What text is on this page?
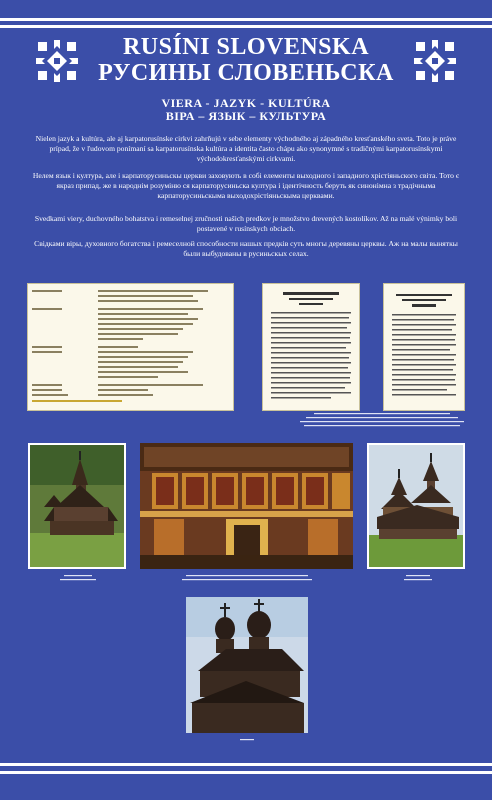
RUSÍNI SLOVENSKA
РУСИНЫ СЛОВЕНЬСКА
VIERA - JAZYK - KULTÚRA
ВІРА – ЯЗЫК – КУЛЬТУРА
Nielen jazyk a kultúra, ale aj karpatorusínske cirkvi zahrňujú v sebe elementy východného aj západného kresťanského sveta. Toto je práve prípad, že v ľudovom ponímaní sa karpatorusínska kultúra a identita často chápu ako synonymné s tradičnými karpatorusínskymi východokresťanskými cirkvami.
Нелем язык і култура, але і карпаторусиньскы церкви заховують в собі елементы выходного і западного хрістіяньского світа. Тото є якраз припад, же в народнім розуміню ся карпаторусиньска култура і ідентічность беруть як синонімна з традічныма карпаторусиньскыма выходохрістіяньскыма церквами.
Svedkami viery, duchovného bohatstva i remeselnej zručnosti našich predkov je množstvo drevených kostolíkov. Až na malé výnimky boli postavené v rusínskych obciach.
Свідками віры, духовного богатства і ремеселной способности нашых предків суть многы деревяны церквы. Аж на малы выняткы были выбудованы в русиньскых селах.
